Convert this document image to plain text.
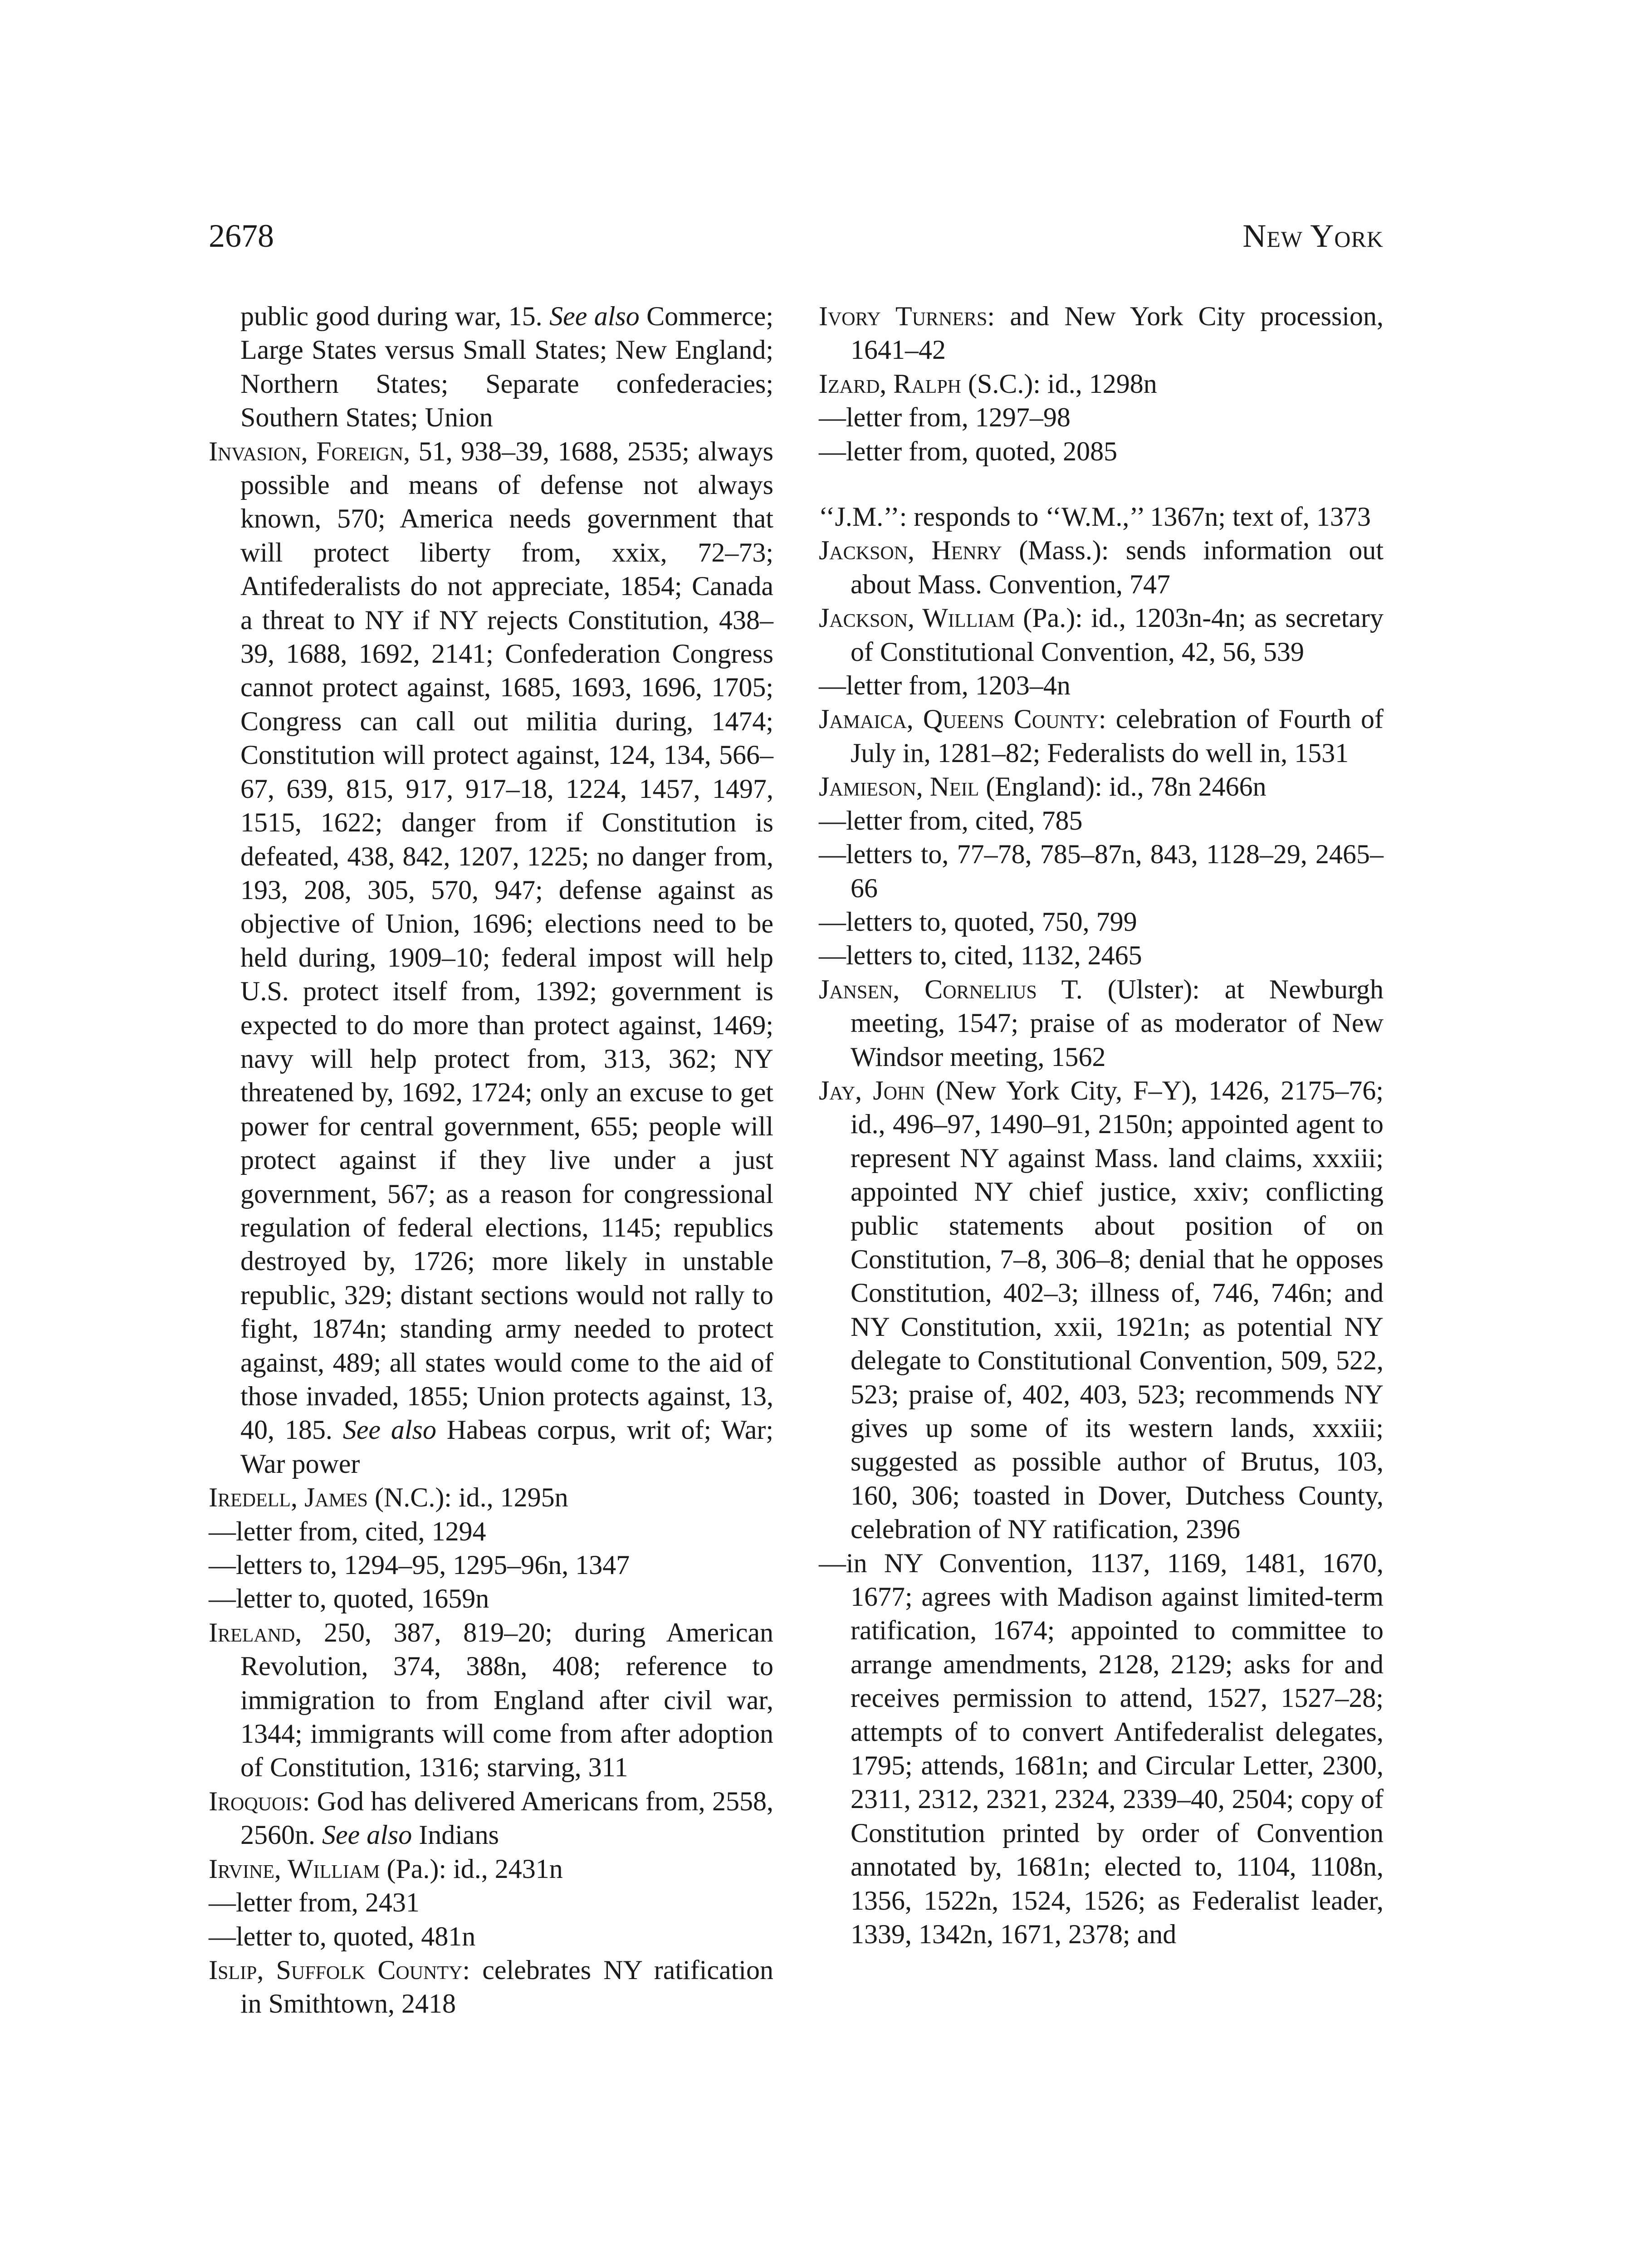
2678	New York

public good during war, 15. See also Commerce; Large States versus Small States; New England; Northern States; Separate confederacies; Southern States; Union

Invasion, Foreign, 51, 938–39, 1688, 2535; always possible and means of defense not always known, 570; America needs government that will protect liberty from, xxix, 72–73; Antifederalists do not appreciate, 1854; Canada a threat to NY if NY rejects Constitution, 438–39, 1688, 1692, 2141; Confederation Congress cannot protect against, 1685, 1693, 1696, 1705; Congress can call out militia during, 1474; Constitution will protect against, 124, 134, 566–67, 639, 815, 917, 917–18, 1224, 1457, 1497, 1515, 1622; danger from if Constitution is defeated, 438, 842, 1207, 1225; no danger from, 193, 208, 305, 570, 947; defense against as objective of Union, 1696; elections need to be held during, 1909–10; federal impost will help U.S. protect itself from, 1392; government is expected to do more than protect against, 1469; navy will help protect from, 313, 362; NY threatened by, 1692, 1724; only an excuse to get power for central government, 655; people will protect against if they live under a just government, 567; as a reason for congressional regulation of federal elections, 1145; republics destroyed by, 1726; more likely in unstable republic, 329; distant sections would not rally to fight, 1874n; standing army needed to protect against, 489; all states would come to the aid of those invaded, 1855; Union protects against, 13, 40, 185. See also Habeas corpus, writ of; War; War power

Iredell, James (N.C.): id., 1295n

—letter from, cited, 1294

—letters to, 1294–95, 1295–96n, 1347

—letter to, quoted, 1659n

Ireland, 250, 387, 819–20; during American Revolution, 374, 388n, 408; reference to immigration to from England after civil war, 1344; immigrants will come from after adoption of Constitution, 1316; starving, 311

Iroquois: God has delivered Americans from, 2558, 2560n. See also Indians

Irvine, William (Pa.): id., 2431n

—letter from, 2431

—letter to, quoted, 481n

Islip, Suffolk County: celebrates NY ratification in Smithtown, 2418

Ivory Turners: and New York City procession, 1641–42

Izard, Ralph (S.C.): id., 1298n

—letter from, 1297–98

—letter from, quoted, 2085

‘‘J.M.’’: responds to ‘‘W.M.,’’ 1367n; text of, 1373

Jackson, Henry (Mass.): sends information out about Mass. Convention, 747

Jackson, William (Pa.): id., 1203n-4n; as secretary of Constitutional Convention, 42, 56, 539

—letter from, 1203–4n

Jamaica, Queens County: celebration of Fourth of July in, 1281–82; Federalists do well in, 1531

Jamieson, Neil (England): id., 78n 2466n

—letter from, cited, 785

—letters to, 77–78, 785–87n, 843, 1128–29, 2465–66

—letters to, quoted, 750, 799

—letters to, cited, 1132, 2465

Jansen, Cornelius T. (Ulster): at Newburgh meeting, 1547; praise of as moderator of New Windsor meeting, 1562

Jay, John (New York City, F–Y), 1426, 2175–76; id., 496–97, 1490–91, 2150n; appointed agent to represent NY against Mass. land claims, xxxiii; appointed NY chief justice, xxiv; conflicting public statements about position of on Constitution, 7–8, 306–8; denial that he opposes Constitution, 402–3; illness of, 746, 746n; and NY Constitution, xxii, 1921n; as potential NY delegate to Constitutional Convention, 509, 522, 523; praise of, 402, 403, 523; recommends NY gives up some of its western lands, xxxiii; suggested as possible author of Brutus, 103, 160, 306; toasted in Dover, Dutchess County, celebration of NY ratification, 2396

—in NY Convention, 1137, 1169, 1481, 1670, 1677; agrees with Madison against limited-term ratification, 1674; appointed to committee to arrange amendments, 2128, 2129; asks for and receives permission to attend, 1527, 1527–28; attempts of to convert Antifederalist delegates, 1795; attends, 1681n; and Circular Letter, 2300, 2311, 2312, 2321, 2324, 2339–40, 2504; copy of Constitution printed by order of Convention annotated by, 1681n; elected to, 1104, 1108n, 1356, 1522n, 1524, 1526; as Federalist leader, 1339, 1342n, 1671, 2378; and
